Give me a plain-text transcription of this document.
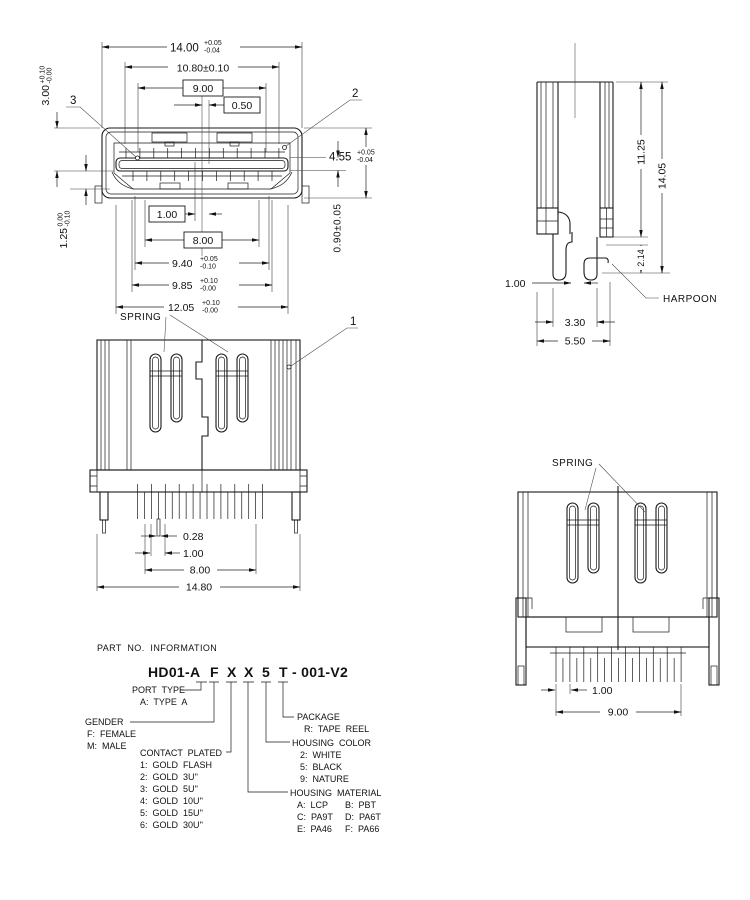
14.00 +0.05
-0.04
10.80±0.10
9.00
0.50
3
2
4.55 +0.05
-0.04
0.90±0.05
3.00
+0.10 -0.00
1.25
0.00 -0.10	1.00
8.00
9.40 +0.05
-0.10
9.85 +0.10
-0.00
12.05 +0.10
-0.00
11.25
14.05
2.14
1.00
3.30
5.50
HARPOON
SPRING	1
0.28
1.00
8.00
14.80
SPRING
1.00
9.00
PART  NO.  INFORMATION
HD01-A F X X 5 T - 001-V2
PORT  TYPE
A:  TYPE  A
GENDER
F:  FEMALE
M:  MALE
CONTACT  PLATED
1:  GOLD  FLASH
2:  GOLD  3U''
3:  GOLD  5U''
4:  GOLD  10U''
5:  GOLD  15U''
6:  GOLD  30U''
PACKAGE
R:  TAPE  REEL
HOUSING  COLOR
2:  WHITE
5:  BLACK
9:  NATURE
HOUSING  MATERIAL
A:  LCP B:  PBT
C:  PA9T D:  PA6T
E:  PA46 F:  PA66
